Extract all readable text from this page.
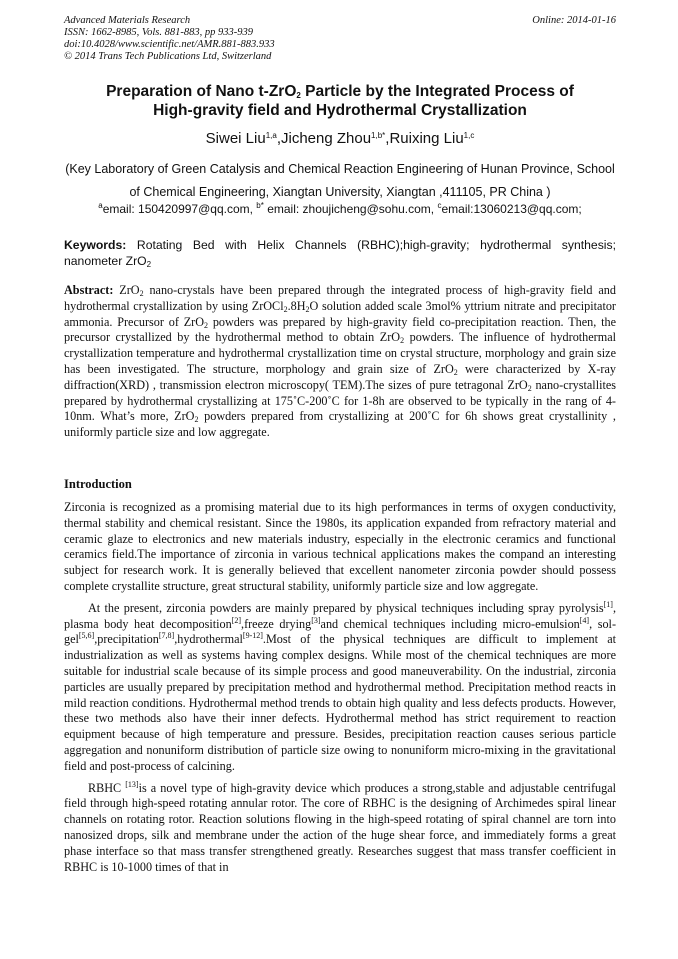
Advanced Materials Research
ISSN: 1662-8985, Vols. 881-883, pp 933-939
doi:10.4028/www.scientific.net/AMR.881-883.933
© 2014 Trans Tech Publications Ltd, Switzerland
Online: 2014-01-16
Preparation of Nano t-ZrO$_2$ Particle by the Integrated Process of
High-gravity field and Hydrothermal Crystallization
Siwei Liu$^{1,a}$,Jicheng Zhou$^{1,b*}$,Ruixing Liu$^{1,c}$
(Key Laboratory of Green Catalysis and Chemical Reaction Engineering of Hunan Province, School
of Chemical Engineering, Xiangtan University, Xiangtan ,411105, PR China )
$^a$email: 150420997@qq.com, $^{b*}$ email: zhoujicheng@sohu.com, $^c$email:13060213@qq.com;
Keywords: Rotating Bed with Helix Channels (RBHC);high-gravity; hydrothermal synthesis; nanometer ZrO$_2$
Abstract: ZrO$_2$ nano-crystals have been prepared through the integrated process of high-gravity field and hydrothermal crystallization by using $ZrOCl_2.8H_2O$ solution added scale 3mol% yttrium nitrate and precipitator ammonia. Precursor of ZrO$_2$ powders was prepared by high-gravity field co-precipitation reaction. Then, the precursor crystallized by the hydrothermal method to obtain ZrO$_2$ powders. The influence of hydrothermal crystallization temperature and hydrothermal crystallization time on crystal structure, morphology and grain size has been investigated. The structure, morphology and grain size of ZrO$_2$ were characterized by X-ray diffraction(XRD) , transmission electron microscopy( TEM).The sizes of pure tetragonal ZrO$_2$ nano-crystallites prepared by hydrothermal crystallizing at 175˚C-200˚C for 1-8h are observed to be typically in the rang of 4-10nm. What’s more, ZrO$_2$ powders prepared from crystallizing at 200˚C for 6h shows great crystallinity , uniformly particle size and low aggregate.
Introduction

Zirconia is recognized as a promising material due to its high performances in terms of oxygen conductivity, thermal stability and chemical resistant. Since the 1980s, its application expanded from refractory material and ceramic glaze to electronics and new materials industry, especially in the electronic ceramics and functional ceramics field.The importance of zirconia in various technical applications makes the compand an interesting subject for research work. It is generally believed that excellent nanometer zirconia powder should possess complete crystallite structure, great structural stability, uniformly particle size and low aggregate.

At the present, zirconia powders are mainly prepared by physical techniques including spray pyrolysis[1], plasma body heat decomposition[2],freeze drying[3]and chemical techniques including micro-emulsion[4], sol-gel[5,6],precipitation[7,8],hydrothermal[9-12].Most of the physical techniques are difficult to implement at industrialization as well as systems having complex designs. While most of the chemical techniques are more suitable for industrial scale because of its simple process and good maneuverability. On the industrial, zirconia particles are usually prepared by precipitation method and hydrothermal method. Precipitation method reacts in mild reaction conditions. Hydrothermal method trends to obtain high quality and less defects products. However, these two methods also have their inner defects. Hydrothermal method has strict requirement to reaction equipment because of high temperature and pressure. Besides, precipitation reaction causes serious particle aggregation and nonuniform distribution of particle size owing to nonuniform micro-mixing in the gravitational field and post-process of calcining.

RBHC [13]is a novel type of high-gravity device which produces a strong,stable and adjustable centrifugal field through high-speed rotating annular rotor. The core of RBHC is the designing of Archimedes spiral linear channels on rotating rotor. Reaction solutions flowing in the high-speed rotating of spiral channel are torn into nanosized drops, silk and membrane under the action of the huge shear force, and immediately forms a great phase interface so that mass transfer strengthened greatly. Researches suggest that mass transfer coefficient in RBHC is 10-1000 times of that in
